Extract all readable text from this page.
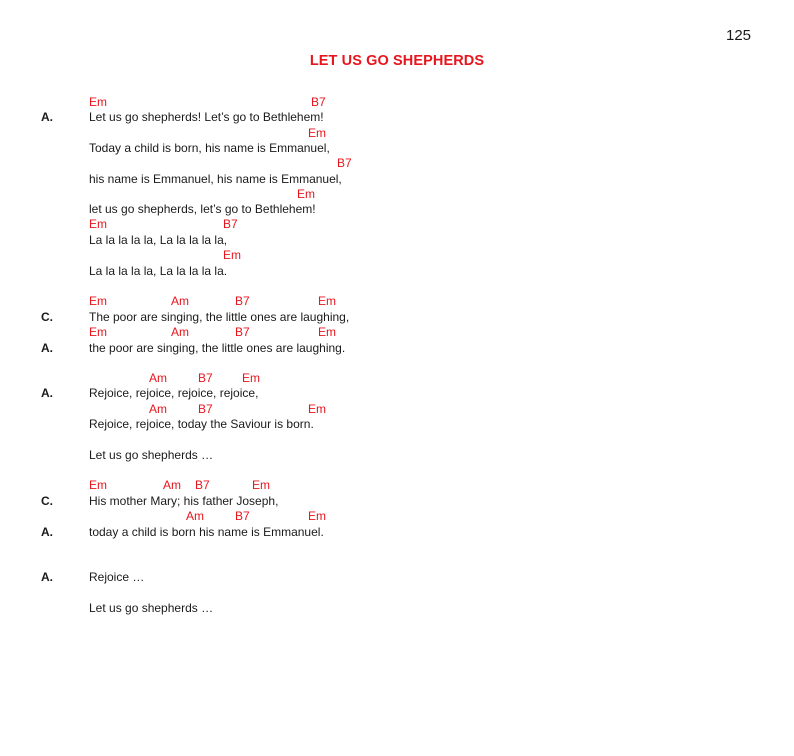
125
LET US GO SHEPHERDS
Em	B7
A.	Let us go shepherds! Let’s go to Bethlehem!
Em
Today a child is born, his name is Emmanuel,
B7
his name is Emmanuel, his name is Emmanuel,
Em
let us go shepherds, let’s go to Bethlehem!
Em	B7
La la la la la, La la la la la,
Em
La la la la la, La la la la la.
Em	Am	B7	Em
C.	The poor are singing, the little ones are laughing,
Em	Am	B7	Em
A.	the poor are singing, the little ones are laughing.
Am	B7 Em
A.	Rejoice, rejoice, rejoice, rejoice,
Am	B7	Em
Rejoice, rejoice, today the Saviour is born.
Let us go shepherds …
Em	Am B7	Em
C.	His mother Mary; his father Joseph,
Am	B7	Em
A.	today a child is born his name is Emmanuel.
A.	Rejoice …
Let us go shepherds …
